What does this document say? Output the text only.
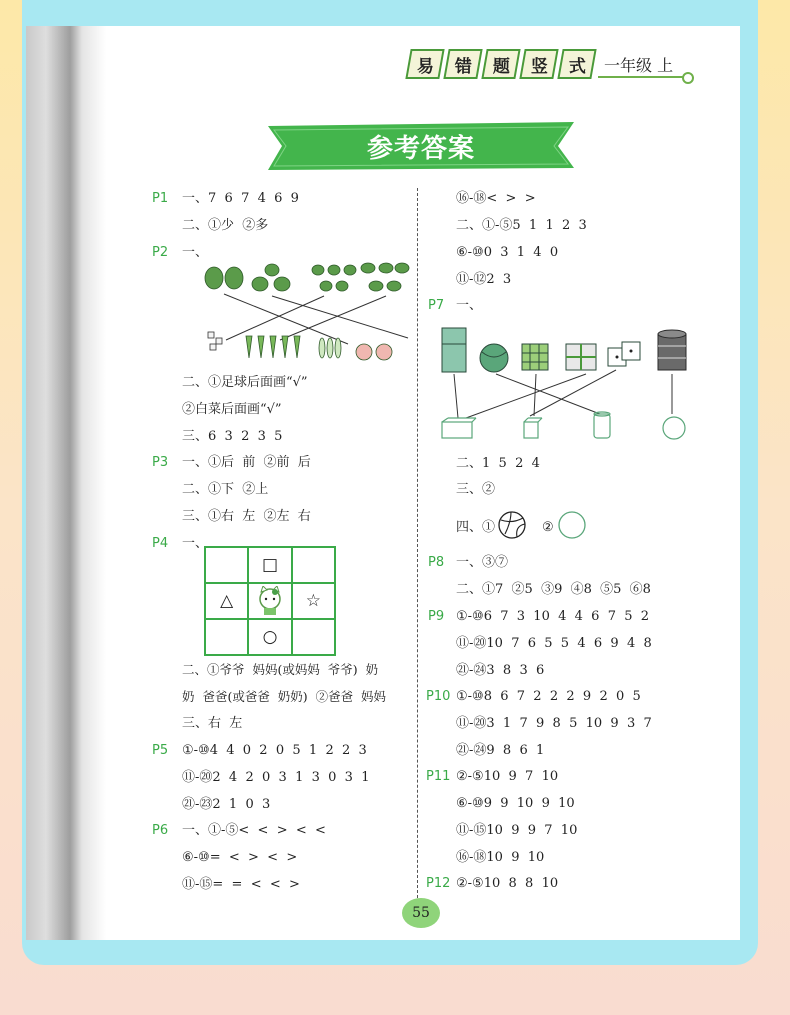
易 错 题 竖 式 一年级 上
参考答案
P1 一、7  6  7  4  6  9
二、①少  ②多
P2 一、
二、①足球后面画“√”
②白菜后面画“√”
三、6  3  2  3  5
P3 一、①后  前  ②前  后
二、①下  ②上
三、①右  左  ②左  右
P4 一、
□
△	☆
○
二、①爷爷  妈妈(或妈妈  爷爷)  奶
奶  爸爸(或爸爸  奶奶)  ②爸爸  妈妈
三、右  左
P5 ①-⑩4  4  0  2  0  5  1  2  2  3
⑪-⑳2  4  2  0  3  1  3  0  3  1
㉑-㉓2  1  0  3
P6 一、①-⑤<  <  >  <  <
⑥-⑩=  <  >  <  >
⑪-⑮=  =  <  <  >
⑯-⑱<  >  >
二、①-⑤5  1  1  2  3
⑥-⑩0  3  1  4  0
⑪-⑫2  3
P7 一、
二、1  5  2  4
三、②
四、①	②
P8 一、③⑦
二、①7  ②5  ③9  ④8  ⑤5  ⑥8
P9 ①-⑩6  7  3  10  4  4  6  7  5  2
⑪-⑳10  7  6  5  5  4  6  9  4  8
㉑-㉔3  8  3  6
P10 ①-⑩8  6  7  2  2  2  9  2  0  5
⑪-⑳3  1  7  9  8  5  10  9  3  7
㉑-㉔9  8  6  1
P11 ②-⑤10  9  7  10
⑥-⑩9  9  10  9  10
⑪-⑮10  9  9  7  10
⑯-⑱10  9  10
P12 ②-⑤10  8  8  10
55
